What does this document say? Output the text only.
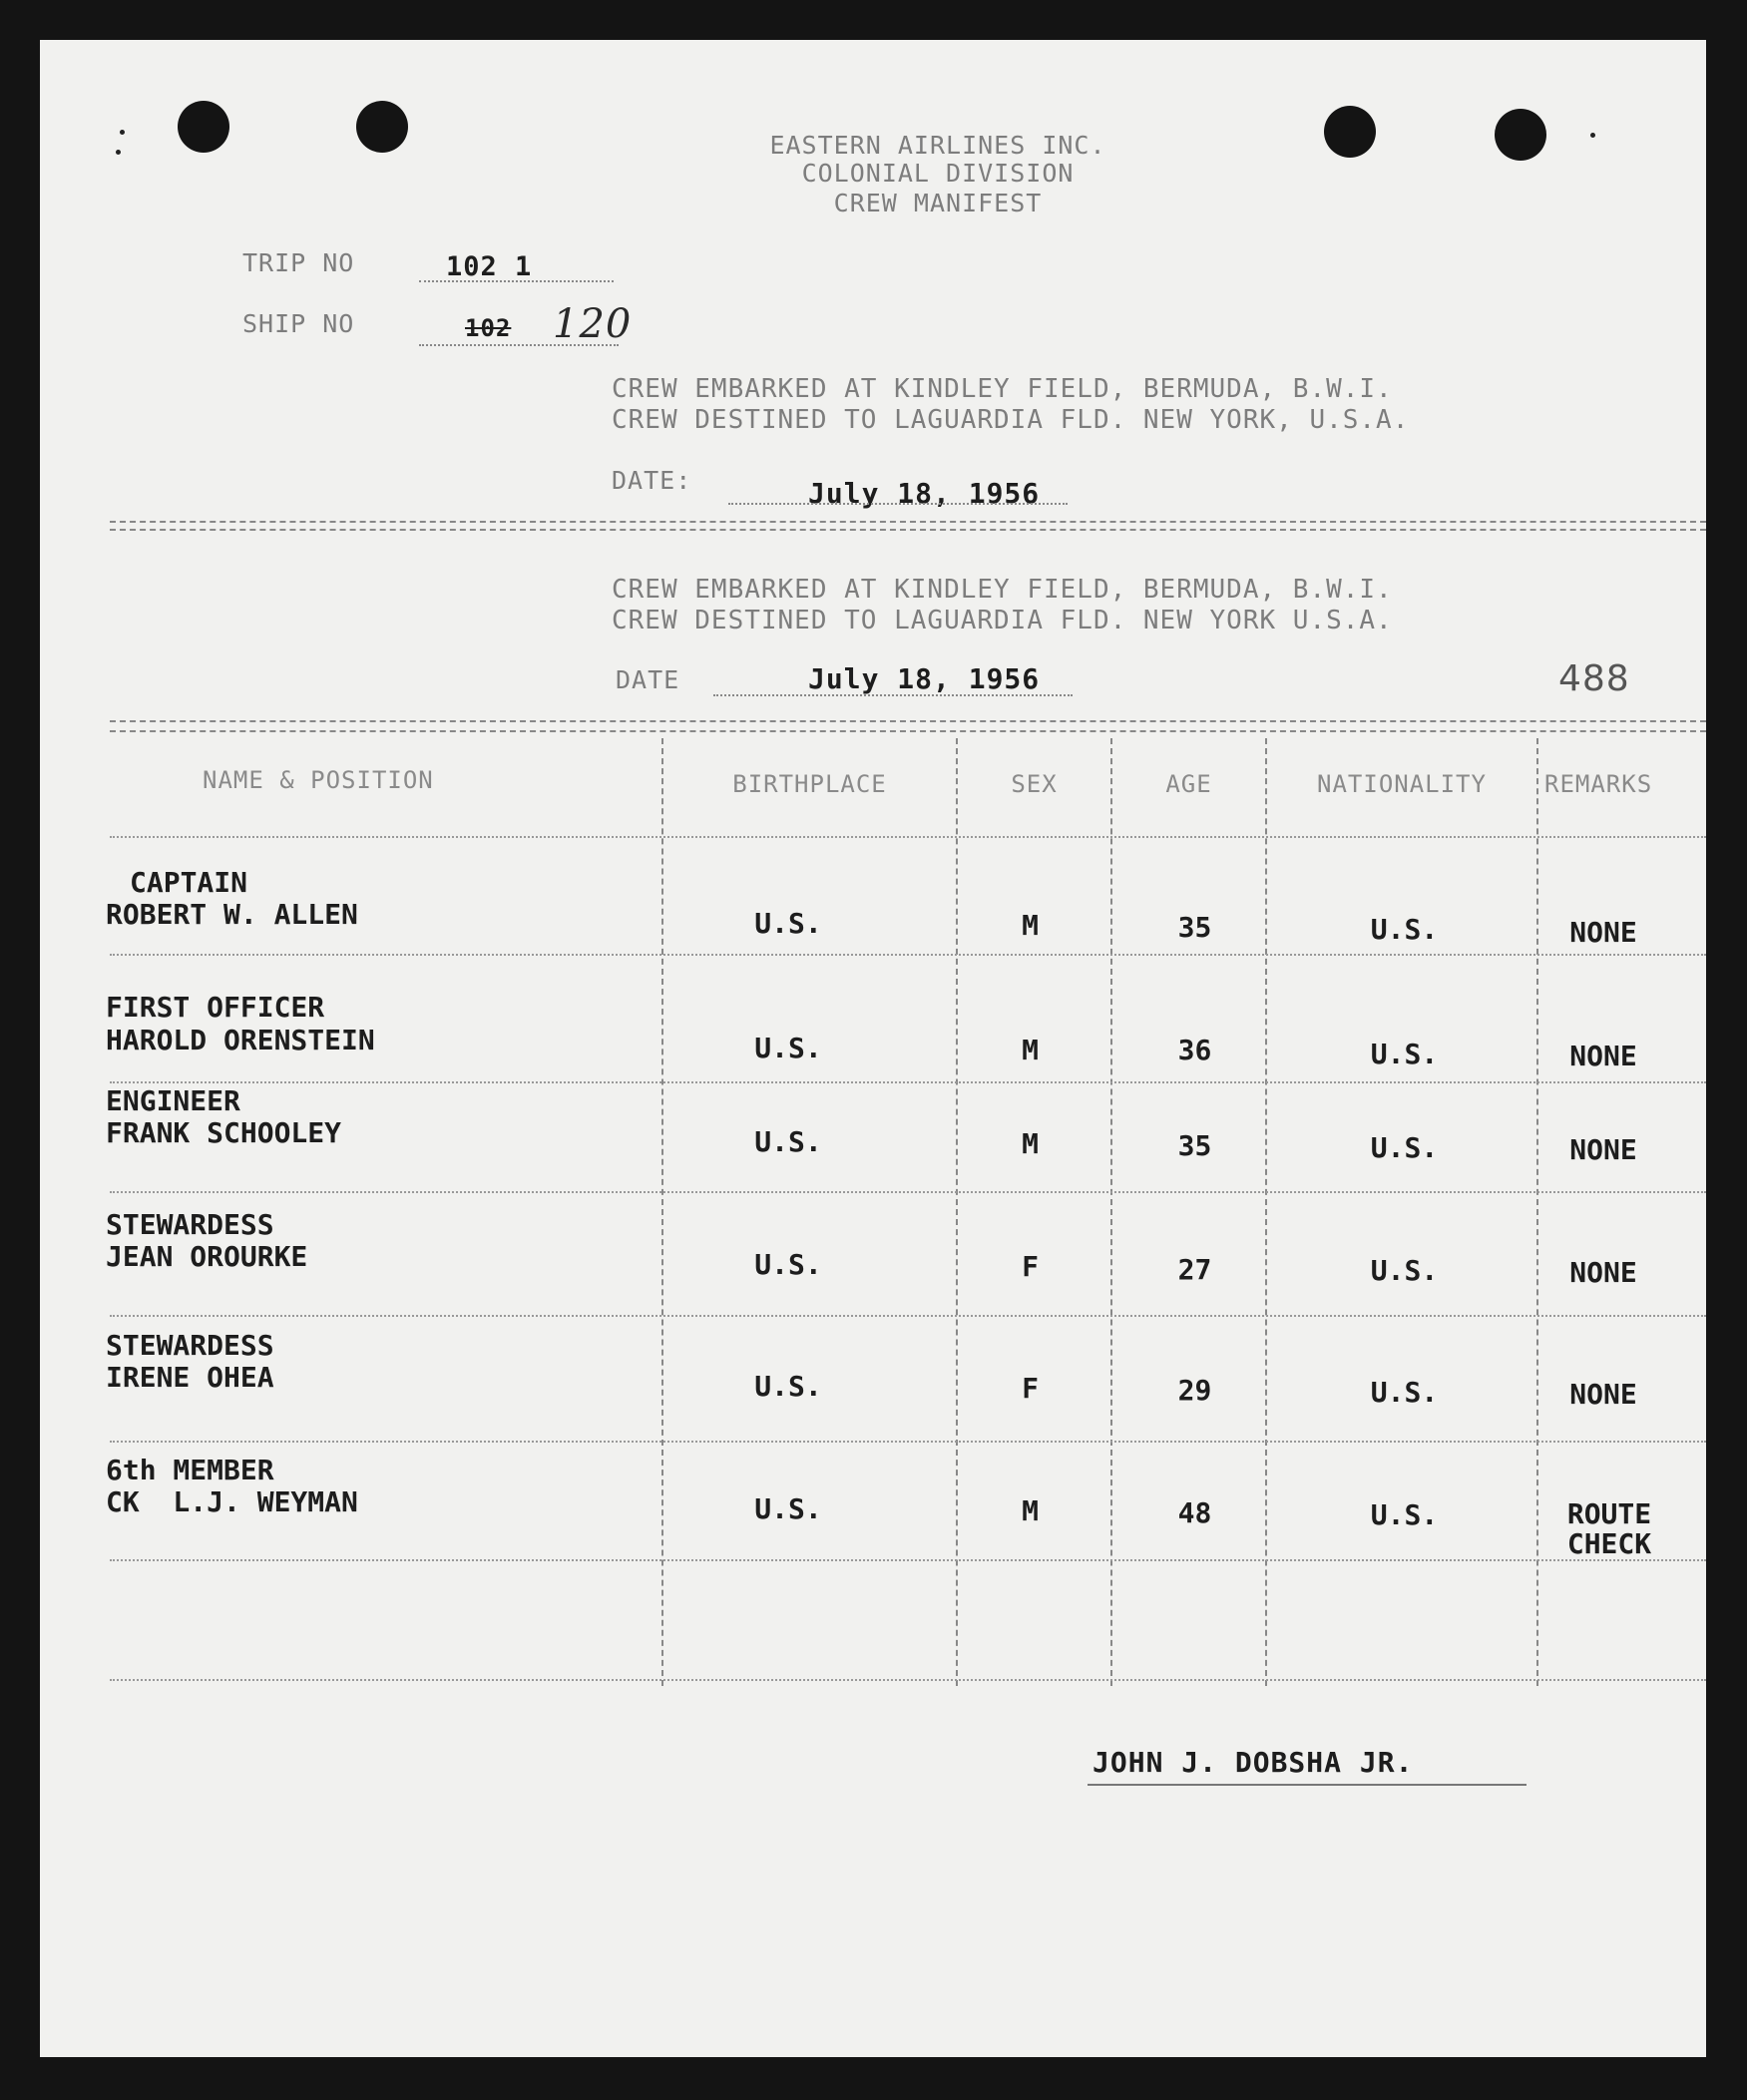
EASTERN AIRLINES INC.
COLONIAL DIVISION
CREW MANIFEST
TRIP NO	102 1
SHIP NO	102 120
CREW EMBARKED AT KINDLEY FIELD, BERMUDA, B.W.I.
CREW DESTINED TO LAGUARDIA FLD. NEW YORK, U.S.A.
DATE:	July 18, 1956
CREW EMBARKED AT KINDLEY FIELD, BERMUDA, B.W.I.
CREW DESTINED TO LAGUARDIA FLD. NEW YORK U.S.A.
DATE	July 18, 1956	488
NAME & POSITION	BIRTHPLACE	SEX	AGE	NATIONALITY	REMARKS
CAPTAIN
ROBERT W. ALLEN	U.S.	M	35	U.S.	NONE
FIRST OFFICER
HAROLD ORENSTEIN	U.S.	M	36	U.S.	NONE
ENGINEER
FRANK SCHOOLEY	U.S.	M	35	U.S.	NONE
STEWARDESS
JEAN OROURKE	U.S.	F	27	U.S.	NONE
STEWARDESS
IRENE OHEA	U.S.	F	29	U.S.	NONE
6th MEMBER
CK  L.J. WEYMAN	U.S.	M	48	U.S.	ROUTE
CHECK
JOHN J. DOBSHA JR.
